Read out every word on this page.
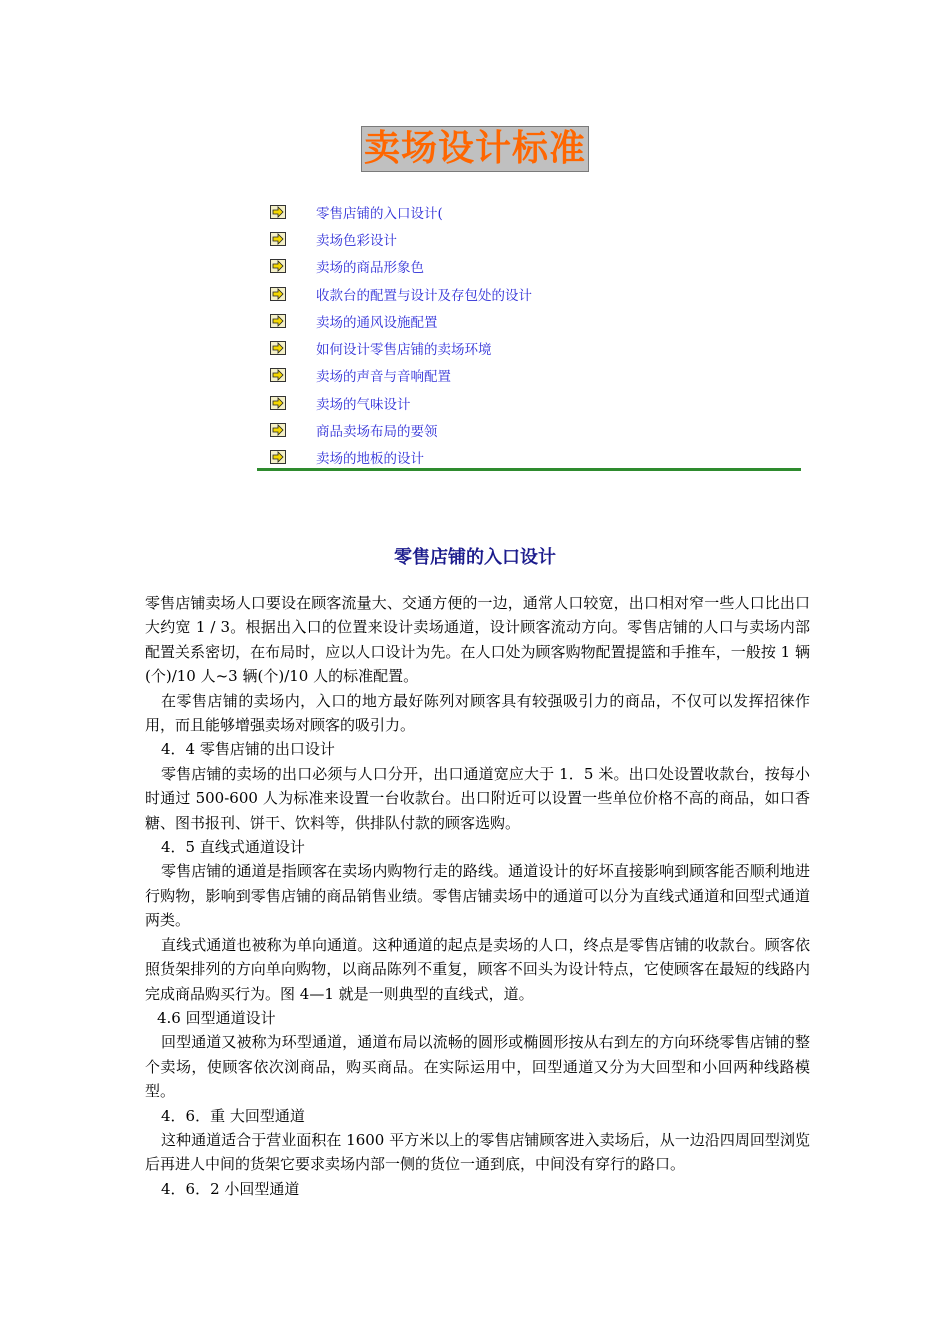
卖场设计标准
零售店铺的入口设计(
卖场色彩设计
卖场的商品形象色
收款台的配置与设计及存包处的设计
卖场的通风设施配置
如何设计零售店铺的卖场环境
卖场的声音与音响配置
卖场的气味设计
商品卖场布局的要领
卖场的地板的设计
零售店铺的入口设计

零售店铺卖场人口要设在顾客流量大、交通方便的一边，通常人口较宽，出口相对窄一些人口比出口大约宽 1 / 3。根据出入口的位置来设计卖场通道，设计顾客流动方向。零售店铺的人口与卖场内部配置关系密切，在布局时，应以人口设计为先。在人口处为顾客购物配置提篮和手推车，一般按 1 辆(个)/10 人~3 辆(个)/10 人的标准配置。

在零售店铺的卖场内，入口的地方最好陈列对顾客具有较强吸引力的商品，不仅可以发挥招徕作用，而且能够增强卖场对顾客的吸引力。

4．4 零售店铺的出口设计

零售店铺的卖场的出口必须与人口分开，出口通道宽应大于 1．5 米。出口处设置收款台，按每小时通过 500-600 人为标准来设置一台收款台。出口附近可以设置一些单位价格不高的商品，如口香糖、图书报刊、饼干、饮料等，供排队付款的顾客选购。

4．5 直线式通道设计

零售店铺的通道是指顾客在卖场内购物行走的路线。通道设计的好坏直接影响到顾客能否顺利地进行购物，影响到零售店铺的商品销售业绩。零售店铺卖场中的通道可以分为直线式通道和回型式通道两类。

直线式通道也被称为单向通道。这种通道的起点是卖场的人口，终点是零售店铺的收款台。顾客依照货架排列的方向单向购物，以商品陈列不重复，顾客不回头为设计特点，它使顾客在最短的线路内完成商品购买行为。图 4—1 就是一则典型的直线式，道。

4.6 回型通道设计

回型通道又被称为环型通道，通道布局以流畅的圆形或椭圆形按从右到左的方向环绕零售店铺的整个卖场，使顾客依次浏商品，购买商品。在实际运用中，回型通道又分为大回型和小回两种线路模型。

4．6．重 大回型通道

这种通道适合于营业面积在 1600 平方米以上的零售店铺顾客进入卖场后，从一边沿四周回型浏览后再进人中间的货架它要求卖场内部一侧的货位一通到底，中间没有穿行的路口。

4．6．2 小回型通道
